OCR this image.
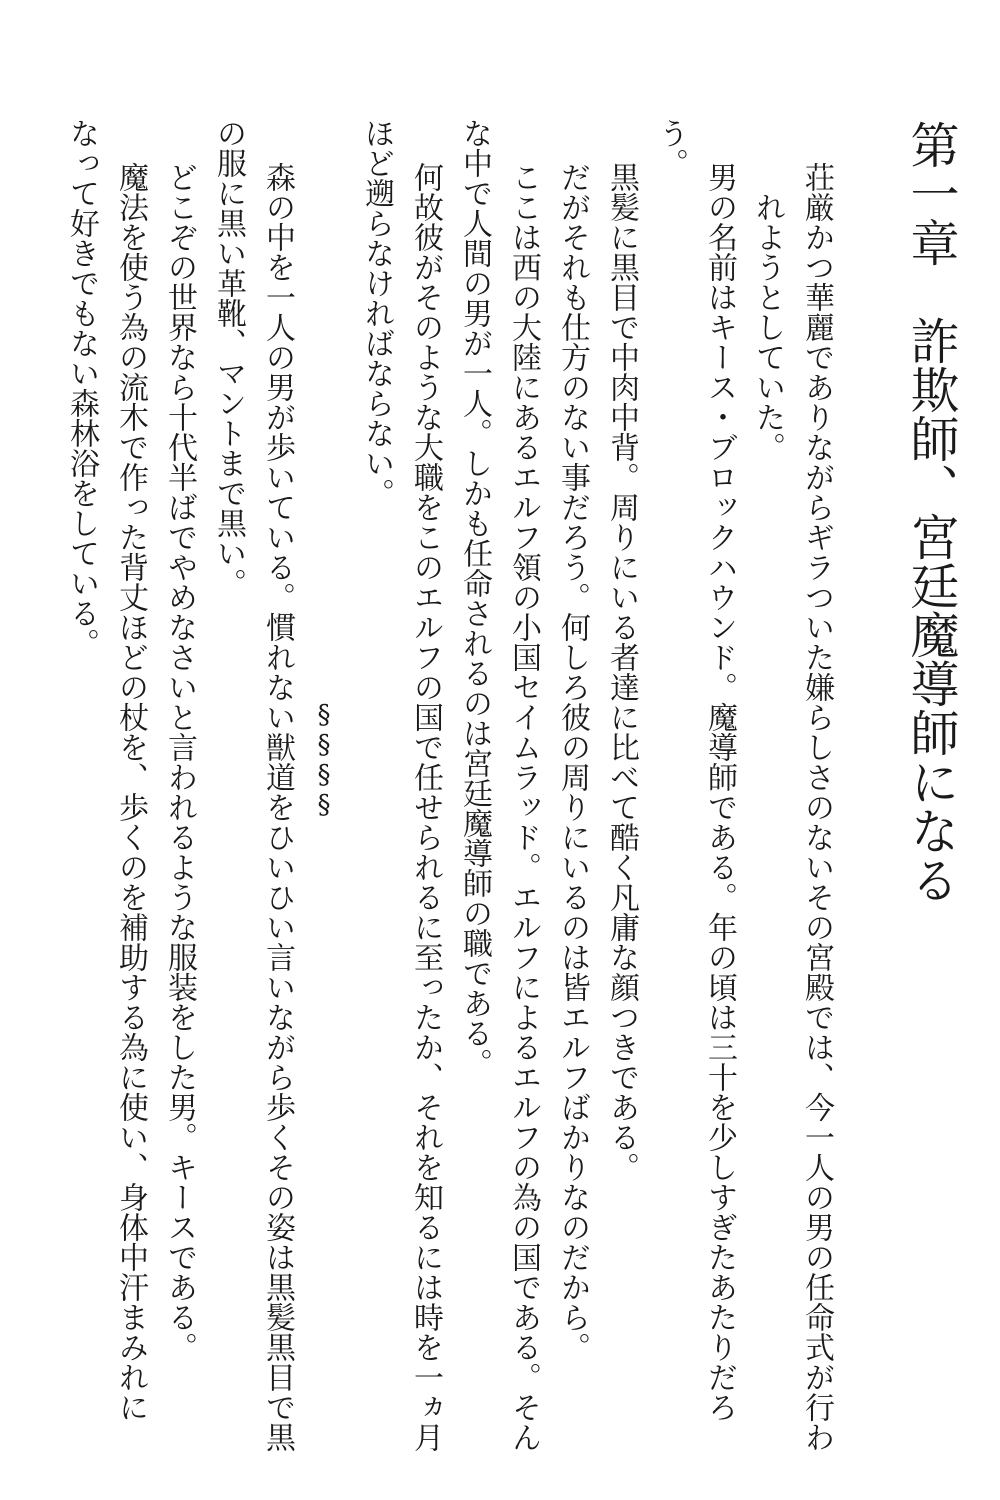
第一章　詐欺師、宮廷魔導師になる
荘厳かつ華麗でありながらギラついた嫌らしさのないその宮殿では、今一人の男の任命式が行わ
れようとしていた。
男の名前はキース・ブロックハウンド。魔導師である。年の頃は三十を少しすぎたあたりだろ
う。
黒髪に黒目で中肉中背。周りにいる者達に比べて酷く凡庸な顔つきである。
だがそれも仕方のない事だろう。何しろ彼の周りにいるのは皆エルフばかりなのだから。
ここは西の大陸にあるエルフ領の小国セイムラッド。エルフによるエルフの為の国である。そん
な中で人間の男が一人。しかも任命されるのは宮廷魔導師の職である。
何故彼がそのような大職をこのエルフの国で任せられるに至ったか、それを知るには時を一ヵ月
ほど遡らなければならない。
§§§§
森の中を一人の男が歩いている。慣れない獣道をひいひい言いながら歩くその姿は黒髪黒目で黒
の服に黒い革靴、マントまで黒い。
どこぞの世界なら十代半ばでやめなさいと言われるような服装をした男。キースである。
魔法を使う為の流木で作った背丈ほどの杖を、歩くのを補助する為に使い、身体中汗まみれに
なって好きでもない森林浴をしている。
